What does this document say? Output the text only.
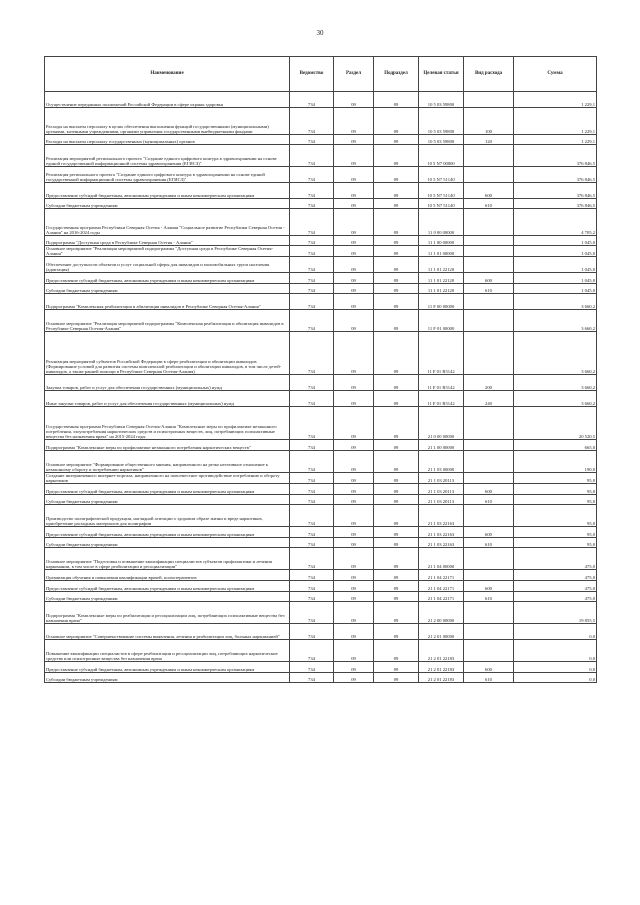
30
Наименование	Ведомство	Раздел	Подраздел	Целевая статья	Вид расхода	Сумма
Осуществление переданных полномочий Российской Федерации в сфере охраны здоровья	734	09	09	10 5 03 59800		1 229,1
Расходы на выплаты персоналу в целях обеспечения выполнения функций государственными (муниципальными) органами, казенными учреждениями, органами управления государственными внебюджетными фондами	734	09	09	10 5 03 59800	100	1 229,1
Расходы на выплаты персоналу государственных (муниципальных) органов	734	09	09	10 5 03 59800	120	1 229,1
Реализация мероприятий регионального проекта "Создание единого цифрового контура в здравоохранении на основе единой государственной информационной системы здравоохранения (ЕГИСЗ)"	734	09	09	10 5 N7 00000		376 846,5
Реализация регионального проекта "Создание единого цифрового контура в здравоохранении на основе единой государственной информационной системы здравоохранения (ЕГИСЗ)"	734	09	09	10 5 N7 51140		376 846,5
Предоставление субсидий бюджетным, автономным учреждениям и иным некоммерческим организациям	734	09	09	10 5 N7 51140	600	376 846,5
Субсидии бюджетным учреждениям	734	09	09	10 5 N7 51140	610	376 846,5
Государственная программа Республики Северная Осетия - Алания "Социальное развитие Республики Северная Осетия - Алания" на 2016-2024 годы	734	09	09	11 0 00 00000		4 705,2
Подпрограмма "Доступная среда в Республике Северная Осетия - Алания"	734	09	09	11 1 00 00000		1 045,0
Основное мероприятие "Реализация мероприятий подпрограммы "Доступная среда в Республике Северная Осетия-Алания"	734	09	09	11 1 01 00000		1 045,0
Обеспечение доступности объектов и услуг социальной сферы для инвалидов и маломобильных групп населения (адаптация)	734	09	09	11 1 01 22120		1 045,0
Предоставление субсидий бюджетным, автономным учреждениям и иным некоммерческим организациям	734	09	09	11 1 01 22120	600	1 045,0
Субсидии бюджетным учреждениям	734	09	09	11 1 01 22120	610	1 045,0
Подпрограмма "Комплексная реабилитация и абилитация инвалидов в Республике Северная Осетия-Алания"	734	09	09	11 F 00 00000		3 660,2
Основное мероприятие "Реализация мероприятий подпрограммы "Комплексная реабилитация и абилитация инвалидов в Республике Северная Осетия-Алания"	734	09	09	11 F 01 00000		3 660,2
Реализация мероприятий субъектов Российской Федерации в сфере реабилитации и абилитации инвалидов (Формирование условий для развития системы комплексной реабилитации и абилитации инвалидов, в том числе детей-инвалидов, а также ранней помощи в Республике Северная Осетия-Алания)	734	09	09	11 F 01 R5142		3 660,2
Закупка товаров, работ и услуг для обеспечения государственных (муниципальных) нужд	734	09	09	11 F 01 R5142	200	3 660,2
Иные закупки товаров, работ и услуг для обеспечения государственных (муниципальных) нужд	734	09	09	11 F 01 R5142	240	3 660,2
Государственная программа Республики Северная Осетия-Алания "Комплексные меры по профилактике незаконного потребления, злоупотребления наркотических средств и психотропных веществ, лиц, потребляющих психоактивные вещества без назначения врача" на 2015-2024 годы	734	09	09	21 0 00 00000		20 520,5
Подпрограмма "Комплексные меры по профилактике незаконного потребления наркотических веществ"	734	09	09	21 1 00 00000		665,0
Основное мероприятие "Формирование общественного мнения, направленного на резко негативное отношение к незаконному обороту и потреблению наркотиков"	734	09	09	21 1 03 00000		190,0
Создание интерактивного интернет-портала, направленного на повсеместное противодействие потреблению и обороту наркотиков	734	09	09	21 1 03 20113		95,0
Предоставление субсидий бюджетным, автономным учреждениям и иным некоммерческим организациям	734	09	09	21 1 03 20113	600	95,0
Субсидии бюджетным учреждениям	734	09	09	21 1 03 20113	610	95,0
Производство полиграфической продукции, наглядной агитации о здоровом образе жизни и вреде наркотиков, приобретение расходных материалов для полиграфии	734	09	09	21 1 03 22163		95,0
Предоставление субсидий бюджетным, автономным учреждениям и иным некоммерческим организациям	734	09	09	21 1 03 22163	600	95,0
Субсидии бюджетным учреждениям	734	09	09	21 1 03 22163	610	95,0
Основное мероприятие "Подготовка и повышение квалификации специалистов субъектов профилактики и лечения наркомании, в том числе в сфере реабилитации и ресоциализации"	734	09	09	21 1 04 00000		475,0
Организация обучения и повышения квалификации врачей, психотерапевтов	734	09	09	21 1 04 22171		475,0
Предоставление субсидий бюджетным, автономным учреждениям и иным некоммерческим организациям	734	09	09	21 1 04 22171	600	475,0
Субсидии бюджетным учреждениям	734	09	09	21 1 04 22171	610	475,0
Подпрограмма "Комплексные меры по реабилитации и ресоциализации лиц, потребляющих психоактивные вещества без назначения врача"	734	09	09	21 2 00 00000		19 855,5
Основное мероприятие "Совершенствование системы выявления, лечения и реабилитации лиц, больных наркоманией"	734	09	09	21 2 01 00000		0,0
Повышение квалификации специалистов в сфере реабилитации и ресоциализации лиц, потребляющих наркотические средства или психотропные вещества без назначения врача	734	09	09	21 2 01 22183		0,0
Предоставление субсидий бюджетным, автономным учреждениям и иным некоммерческим организациям	734	09	09	21 2 01 22183	600	0,0
Субсидии бюджетным учреждениям	734	09	09	21 2 01 22183	610	0,0
